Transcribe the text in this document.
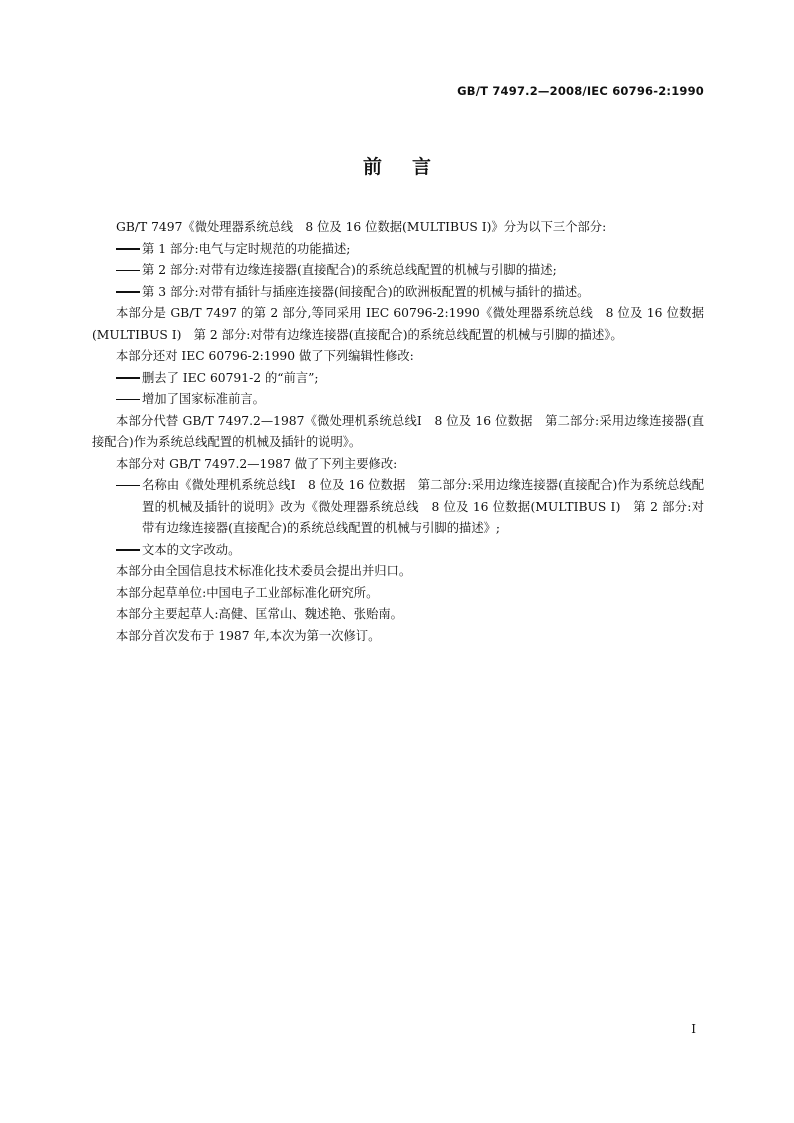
GB/T 7497.2—2008/IEC 60796-2:1990
前言

GB/T 7497《微处理器系统总线　8 位及 16 位数据(MULTIBUS Ⅰ)》分为以下三个部分:

第 1 部分:电气与定时规范的功能描述;

第 2 部分:对带有边缘连接器(直接配合)的系统总线配置的机械与引脚的描述;

第 3 部分:对带有插针与插座连接器(间接配合)的欧洲板配置的机械与插针的描述。

本部分是 GB/T 7497 的第 2 部分,等同采用 IEC 60796-2:1990《微处理器系统总线　8 位及 16 位数据(MULTIBUS Ⅰ)　第 2 部分:对带有边缘连接器(直接配合)的系统总线配置的机械与引脚的描述》。

本部分还对 IEC 60796-2:1990 做了下列编辑性修改:

删去了 IEC 60791-2 的“前言”;

增加了国家标准前言。

本部分代替 GB/T 7497.2—1987《微处理机系统总线Ⅰ　8 位及 16 位数据　第二部分:采用边缘连接器(直接配合)作为系统总线配置的机械及插针的说明》。

本部分对 GB/T 7497.2—1987 做了下列主要修改:

名称由《微处理机系统总线Ⅰ　8 位及 16 位数据　第二部分:采用边缘连接器(直接配合)作为系统总线配置的机械及插针的说明》改为《微处理器系统总线　8 位及 16 位数据(MULTIBUS Ⅰ)　第 2 部分:对带有边缘连接器(直接配合)的系统总线配置的机械与引脚的描述》;

文本的文字改动。

本部分由全国信息技术标准化技术委员会提出并归口。

本部分起草单位:中国电子工业部标准化研究所。

本部分主要起草人:高健、匡常山、魏述艳、张贻南。

本部分首次发布于 1987 年,本次为第一次修订。

I
